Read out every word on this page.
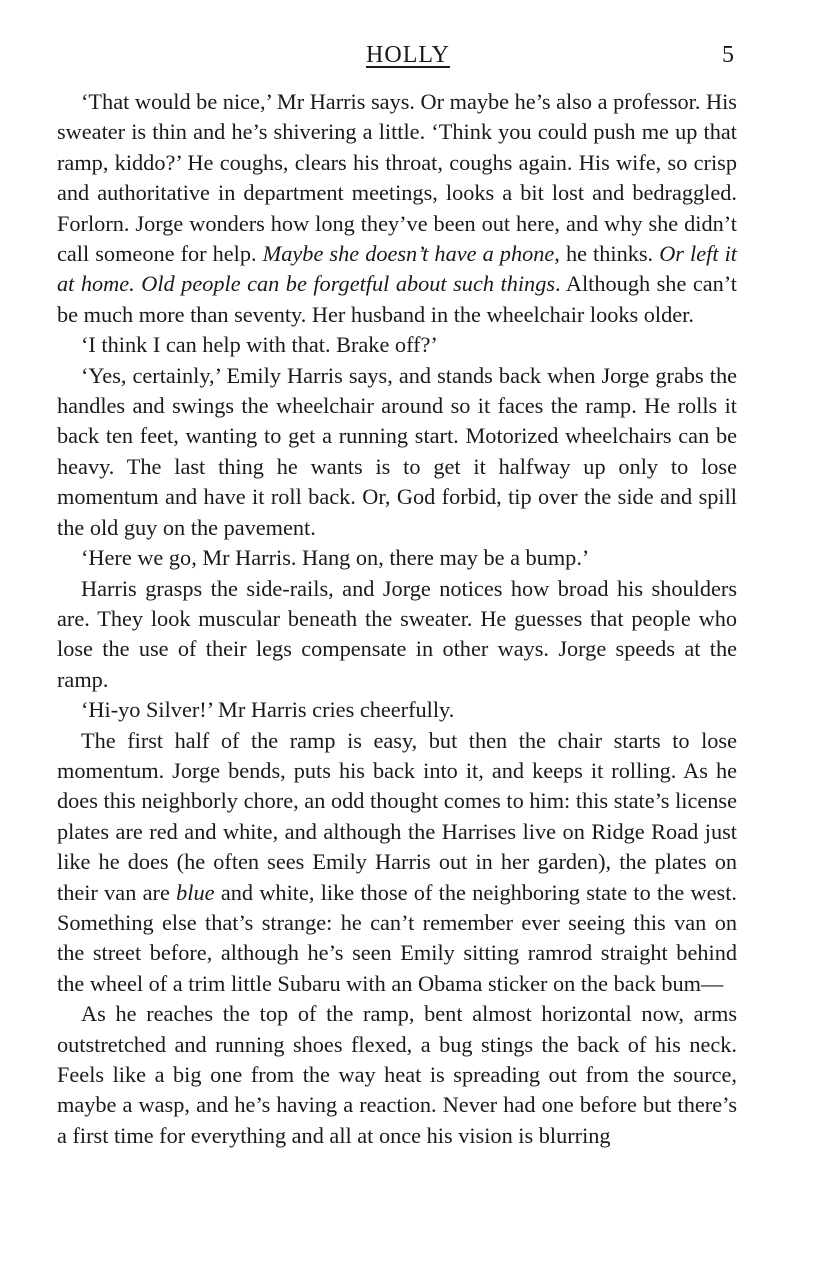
HOLLY	5

‘That would be nice,’ Mr Harris says. Or maybe he’s also a professor. His sweater is thin and he’s shivering a little. ‘Think you could push me up that ramp, kiddo?’ He coughs, clears his throat, coughs again. His wife, so crisp and authoritative in department meetings, looks a bit lost and bedraggled. Forlorn. Jorge wonders how long they’ve been out here, and why she didn’t call someone for help. Maybe she doesn’t have a phone, he thinks. Or left it at home. Old people can be forgetful about such things. Although she can’t be much more than seventy. Her husband in the wheelchair looks older.

‘I think I can help with that. Brake off?’

‘Yes, certainly,’ Emily Harris says, and stands back when Jorge grabs the handles and swings the wheelchair around so it faces the ramp. He rolls it back ten feet, wanting to get a running start. Motorized wheelchairs can be heavy. The last thing he wants is to get it halfway up only to lose momentum and have it roll back. Or, God forbid, tip over the side and spill the old guy on the pavement.

‘Here we go, Mr Harris. Hang on, there may be a bump.’

Harris grasps the side-rails, and Jorge notices how broad his shoulders are. They look muscular beneath the sweater. He guesses that people who lose the use of their legs compensate in other ways. Jorge speeds at the ramp.

‘Hi-yo Silver!’ Mr Harris cries cheerfully.

The first half of the ramp is easy, but then the chair starts to lose momentum. Jorge bends, puts his back into it, and keeps it rolling. As he does this neighborly chore, an odd thought comes to him: this state’s license plates are red and white, and although the Harrises live on Ridge Road just like he does (he often sees Emily Harris out in her garden), the plates on their van are blue and white, like those of the neighboring state to the west. Something else that’s strange: he can’t remember ever seeing this van on the street before, although he’s seen Emily sitting ramrod straight behind the wheel of a trim little Subaru with an Obama sticker on the back bum—

As he reaches the top of the ramp, bent almost horizontal now, arms outstretched and running shoes flexed, a bug stings the back of his neck. Feels like a big one from the way heat is spreading out from the source, maybe a wasp, and he’s having a reaction. Never had one before but there’s a first time for everything and all at once his vision is blurring
